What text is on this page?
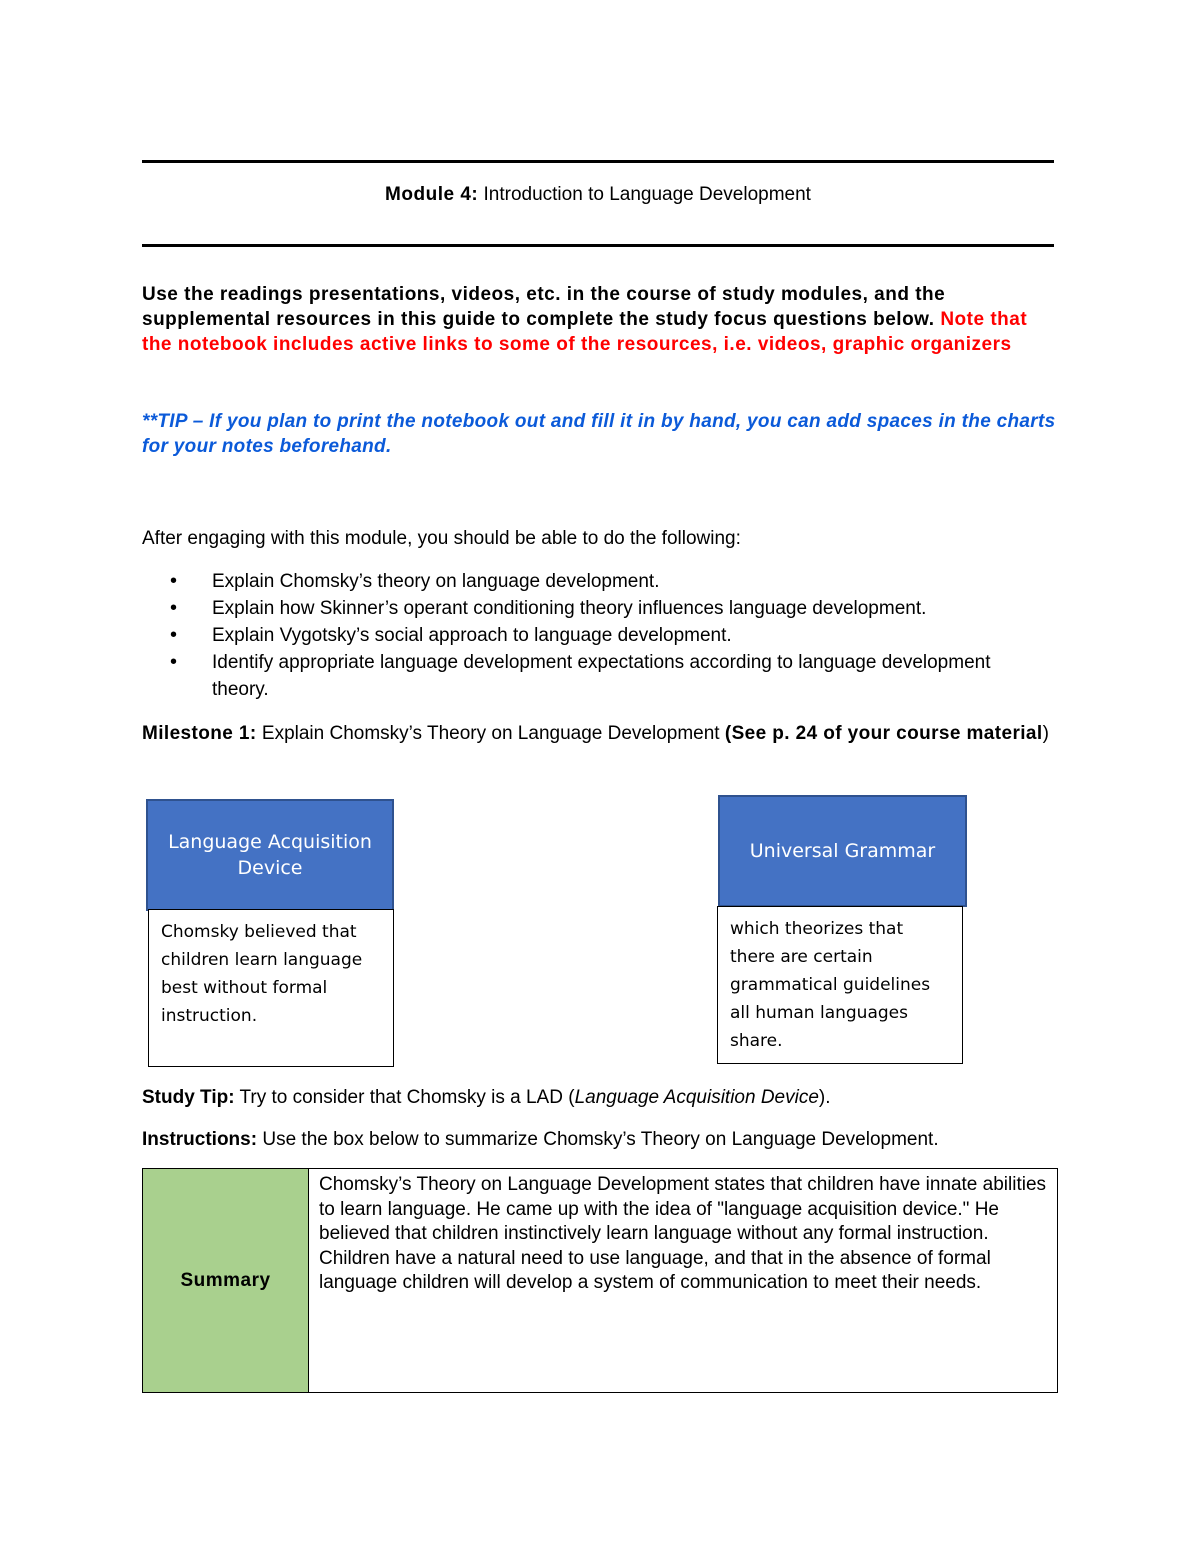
Module 4: Introduction to Language Development
Use the readings presentations, videos, etc. in the course of study modules, and the supplemental resources in this guide to complete the study focus questions below. Note that the notebook includes active links to some of the resources, i.e. videos, graphic organizers
**TIP – If you plan to print the notebook out and fill it in by hand, you can add spaces in the charts for your notes beforehand.
After engaging with this module, you should be able to do the following:
• Explain Chomsky’s theory on language development.
• Explain how Skinner’s operant conditioning theory influences language development.
• Explain Vygotsky’s social approach to language development.
• Identify appropriate language development expectations according to language development theory.
Milestone 1: Explain Chomsky’s Theory on Language Development (See p. 24 of your course material)
Language Acquisition Device
Chomsky believed that children learn language best without formal instruction.
Universal Grammar
which theorizes that there are certain grammatical guidelines all human languages share.
Study Tip: Try to consider that Chomsky is a LAD (Language Acquisition Device).
Instructions: Use the box below to summarize Chomsky’s Theory on Language Development.
Summary
Chomsky’s Theory on Language Development states that children have innate abilities to learn language. He came up with the idea of "language acquisition device." He believed that children instinctively learn language without any formal instruction. Children have a natural need to use language, and that in the absence of formal language children will develop a system of communication to meet their needs.
